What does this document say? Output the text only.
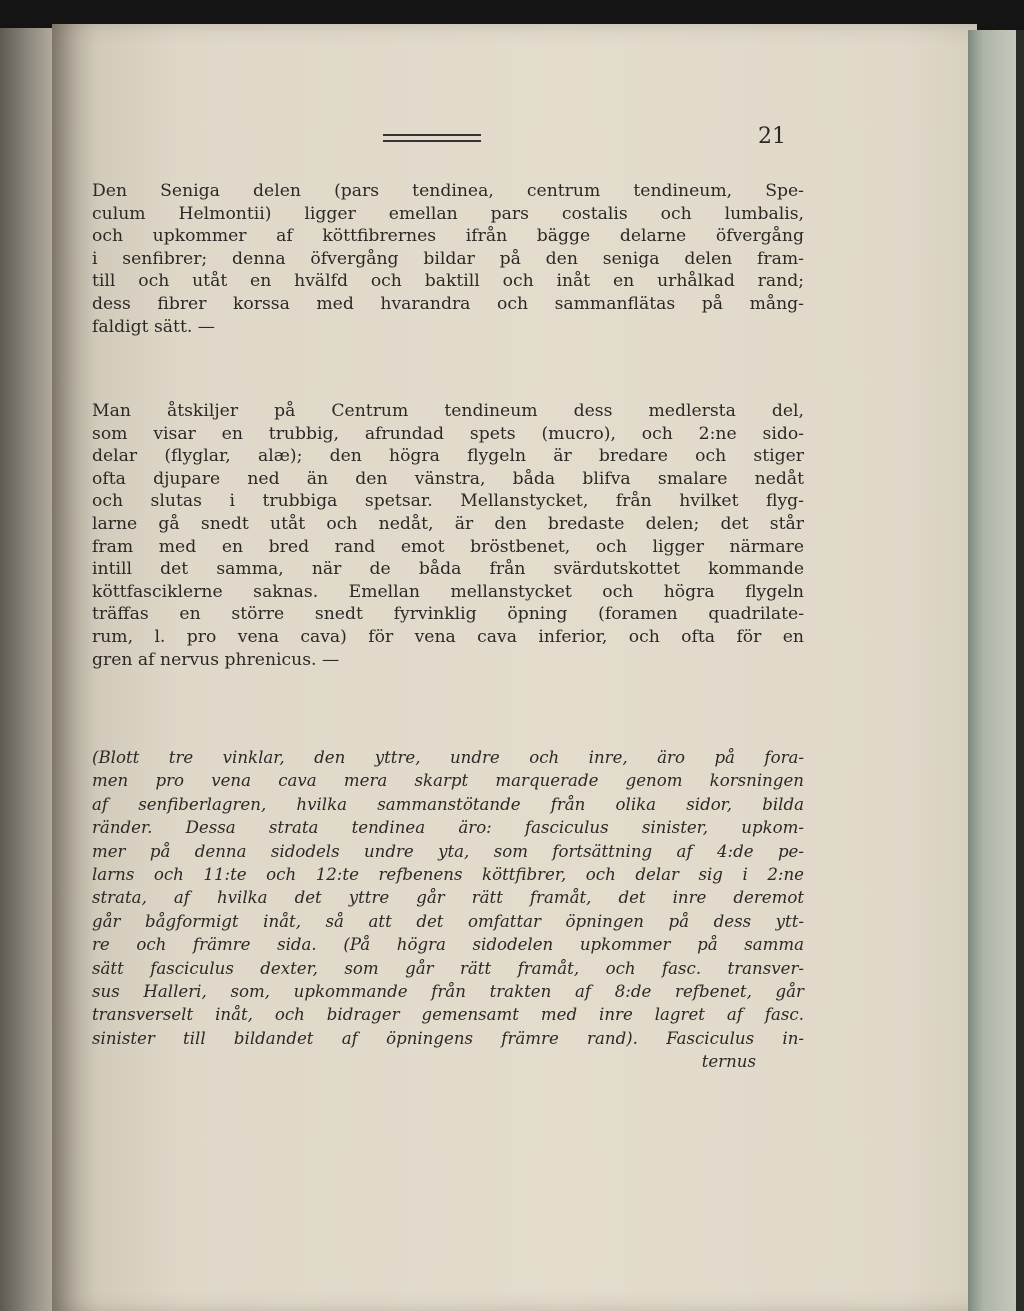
21

Den Seniga delen (pars tendinea, centrum tendineum, Spe-
culum Helmontii) ligger emellan pars costalis och lumbalis,
och upkommer af köttfibrernes ifrån bägge delarne öfvergång
i senfibrer; denna öfvergång bildar på den seniga delen fram-
till och utåt en hvälfd och baktill och inåt en urhålkad rand;
dess fibrer korssa med hvarandra och sammanflätas på mång-
faldigt sätt. —

Man åtskiljer på Centrum tendineum dess medlersta del,
som visar en trubbig, afrundad spets (mucro), och 2:ne sido-
delar (flyglar, alæ); den högra flygeln är bredare och stiger
ofta djupare ned än den vänstra, båda blifva smalare nedåt
och slutas i trubbiga spetsar. Mellanstycket, från hvilket flyg-
larne gå snedt utåt och nedåt, är den bredaste delen; det står
fram med en bred rand emot bröstbenet, och ligger närmare
intill det samma, när de båda från svärdutskottet kommande
köttfasciklerne saknas. Emellan mellanstycket och högra flygeln
träffas en större snedt fyrvinklig öpning (foramen quadrilate-
rum, l. pro vena cava) för vena cava inferior, och ofta för en
gren af nervus phrenicus. —

(Blott tre vinklar, den yttre, undre och inre, äro på fora-
men pro vena cava mera skarpt marquerade genom korsningen
af senfiberlagren, hvilka sammanstötande från olika sidor, bilda
ränder. Dessa strata tendinea äro: fasciculus sinister, upkom-
mer på denna sidodels undre yta, som fortsättning af 4:de pe-
larns och 11:te och 12:te refbenens köttfibrer, och delar sig i 2:ne
strata, af hvilka det yttre går rätt framåt, det inre deremot
går bågformigt inåt, så att det omfattar öpningen på dess ytt-
re och främre sida. (På högra sidodelen upkommer på samma
sätt fasciculus dexter, som går rätt framåt, och fasc. transver-
sus Halleri, som, upkommande från trakten af 8:de refbenet, går
transverselt inåt, och bidrager gemensamt med inre lagret af fasc.
sinister till bildandet af öpningens främre rand). Fasciculus in-
ternus
